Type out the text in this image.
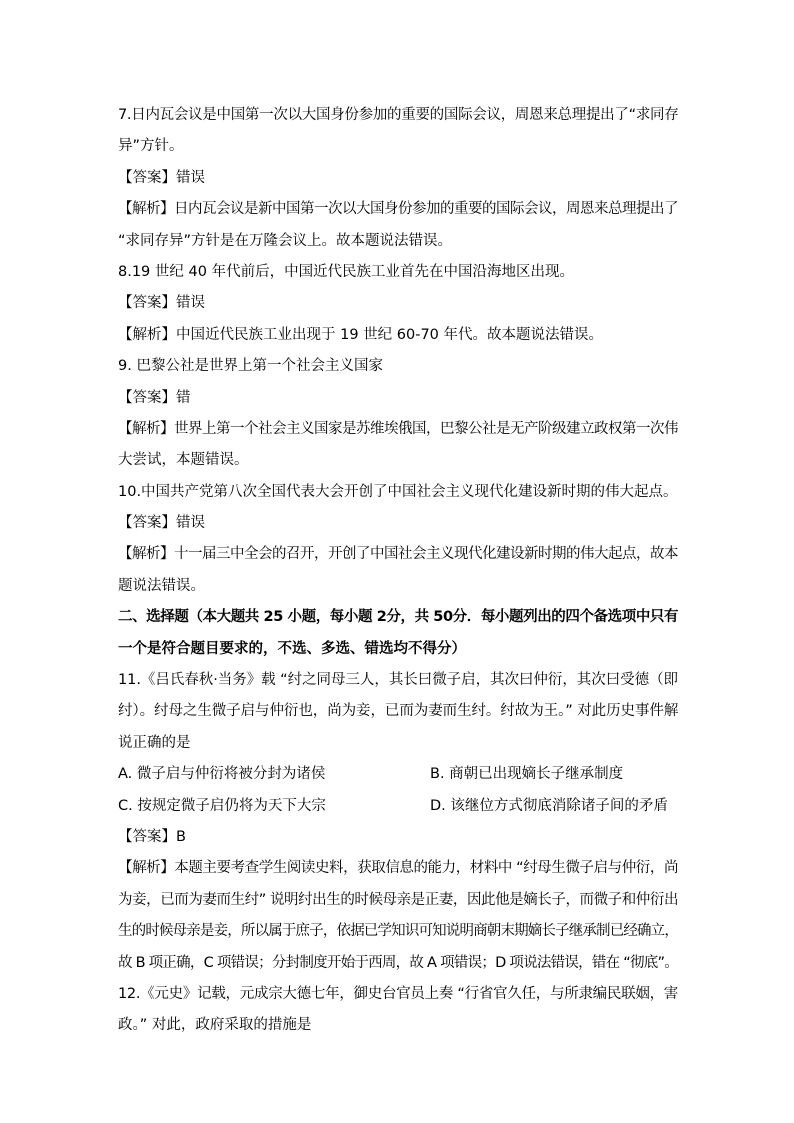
7.日内瓦会议是中国第一次以大国身份参加的重要的国际会议，周恩来总理提出了“求同存
异”方针。
【答案】错误
【解析】日内瓦会议是新中国第一次以大国身份参加的重要的国际会议，周恩来总理提出了
“求同存异”方针是在万隆会议上。故本题说法错误。
8.19 世纪 40 年代前后，中国近代民族工业首先在中国沿海地区出现。
【答案】错误
【解析】中国近代民族工业出现于 19 世纪 60-70 年代。故本题说法错误。
9. 巴黎公社是世界上第一个社会主义国家
【答案】错
【解析】世界上第一个社会主义国家是苏维埃俄国，巴黎公社是无产阶级建立政权第一次伟
大尝试，本题错误。
10.中国共产党第八次全国代表大会开创了中国社会主义现代化建设新时期的伟大起点。
【答案】错误
【解析】十一届三中全会的召开，开创了中国社会主义现代化建设新时期的伟大起点，故本
题说法错误。
二、选择题（本大题共 25 小题，每小题 2分，共 50分．每小题列出的四个备选项中只有
一个是符合题目要求的，不选、多选、错选均不得分）
11.《吕氏春秋·当务》载 “纣之同母三人，其长曰微子启，其次曰仲衍，其次曰受德（即
纣）。纣母之生微子启与仲衍也，尚为妾，已而为妻而生纣。纣故为王。” 对此历史事件解
说正确的是
A. 微子启与仲衍将被分封为诸侯	B. 商朝已出现嫡长子继承制度
C. 按规定微子启仍将为天下大宗	D. 该继位方式彻底消除诸子间的矛盾
【答案】B
【解析】本题主要考查学生阅读史料，获取信息的能力，材料中 “纣母生微子启与仲衍，尚
为妾，已而为妻而生纣” 说明纣出生的时候母亲是正妻，因此他是嫡长子，而微子和仲衍出
生的时候母亲是妾，所以属于庶子，依据已学知识可知说明商朝末期嫡长子继承制已经确立，
故 B 项正确，C 项错误；分封制度开始于西周，故 A 项错误；D 项说法错误，错在 “彻底”。
12.《元史》记载，元成宗大德七年，御史台官员上奏 “行省官久任，与所隶编民联姻，害
政。” 对此，政府采取的措施是
